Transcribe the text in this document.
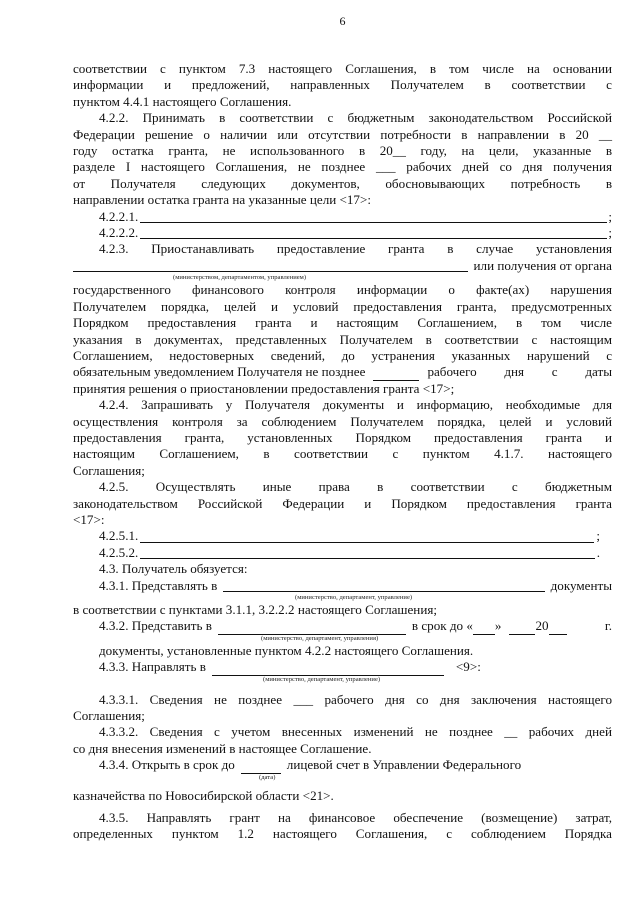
6

соответствии с пунктом 7.3 настоящего Соглашения, в том числе на основании

информации и предложений, направленных Получателем в соответствии с

пунктом 4.4.1 настоящего Соглашения.

4.2.2. Принимать в соответствии с бюджетным законодательством Российской

Федерации решение о наличии или отсутствии потребности в направлении в 20 __

году остатка гранта, не использованного в 20__ году, на цели, указанные в

разделе I настоящего Соглашения, не позднее ___ рабочих дней со дня получения

от Получателя следующих документов, обосновывающих потребность в

направлении остатка гранта на указанные цели <17>:

4.2.2.1.	;
4.2.2.2.	;

4.2.3. Приостанавливать предоставление гранта в случае установления

или получения от органа
(министерством, департаментом, управлением)

государственного финансового контроля информации о факте(ах) нарушения

Получателем порядка, целей и условий предоставления гранта, предусмотренных

Порядком предоставления гранта и настоящим Соглашением, в том числе

указания в документах, представленных Получателем в соответствии с настоящим

Соглашением, недостоверных сведений, до устранения указанных нарушений с

обязательным уведомлением Получателя не позднее	рабочего дня с даты

принятия решения о приостановлении предоставления гранта <17>;

4.2.4. Запрашивать у Получателя документы и информацию, необходимые для

осуществления контроля за соблюдением Получателем порядка, целей и условий

предоставления гранта, установленных Порядком предоставления гранта и

настоящим Соглашением, в соответствии с пунктом 4.1.7. настоящего

Соглашения;

4.2.5. Осуществлять иные права в соответствии с бюджетным

законодательством Российской Федерации и Порядком предоставления гранта

<17>:

4.2.5.1.	;
4.2.5.2.	.

4.3. Получатель обязуется:

4.3.1. Представлять в	документы
(министерство, департамент, управление)

в соответствии с пунктами 3.1.1, 3.2.2.2 настоящего Соглашения;

4.3.2. Представить в	в срок до « »	20	г.
(министерство, департамент, управления)

документы, установленные пунктом 4.2.2 настоящего Соглашения.

4.3.3. Направлять в	<9>:
(министерство, департамент, управление)

4.3.3.1. Сведения не позднее ___ рабочего дня со дня заключения настоящего

Соглашения;

4.3.3.2. Сведения с учетом внесенных изменений не позднее __ рабочих дней

со дня внесения изменений в настоящее Соглашение.

4.3.4. Открыть в срок до	лицевой счет в Управлении Федерального
(дата)

казначейства по Новосибирской области <21>.

4.3.5. Направлять грант на финансовое обеспечение (возмещение) затрат,

определенных пунктом 1.2 настоящего Соглашения, с соблюдением Порядка
